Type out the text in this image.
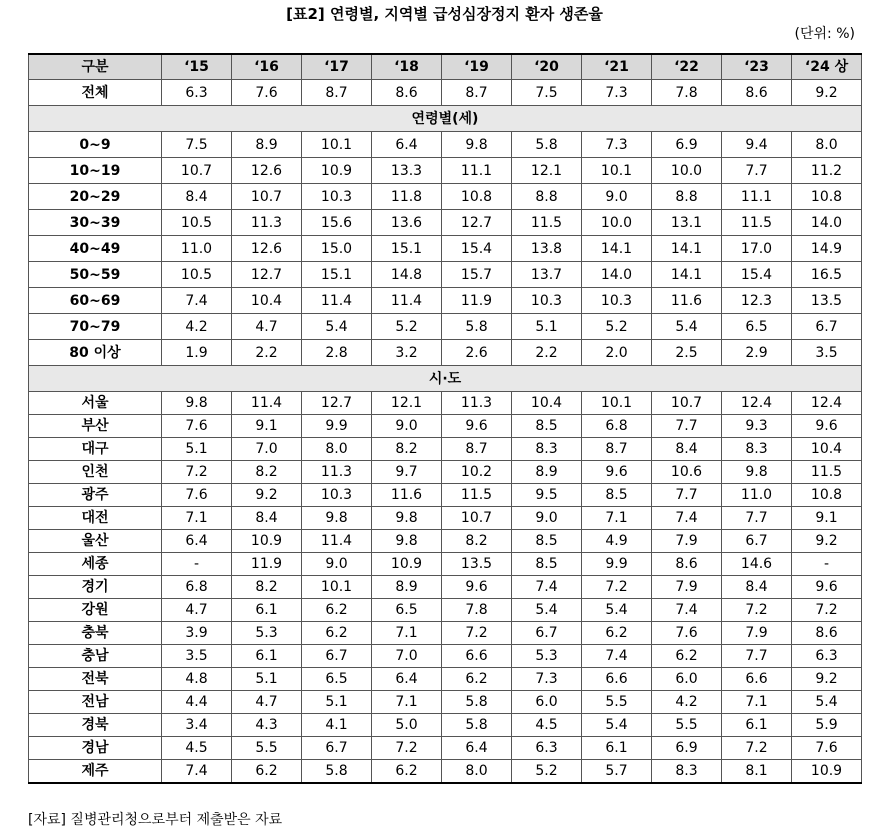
[표2] 연령별, 지역별 급성심장정지 환자 생존율
(단위: %)
구분	‘15	‘16	‘17	‘18	‘19	‘20	‘21	‘22	‘23	‘24 상
전체	6.3	7.6	8.7	8.6	8.7	7.5	7.3	7.8	8.6	9.2
연령별(세)										
0~9	7.5	8.9	10.1	6.4	9.8	5.8	7.3	6.9	9.4	8.0
10~19	10.7	12.6	10.9	13.3	11.1	12.1	10.1	10.0	7.7	11.2
20~29	8.4	10.7	10.3	11.8	10.8	8.8	9.0	8.8	11.1	10.8
30~39	10.5	11.3	15.6	13.6	12.7	11.5	10.0	13.1	11.5	14.0
40~49	11.0	12.6	15.0	15.1	15.4	13.8	14.1	14.1	17.0	14.9
50~59	10.5	12.7	15.1	14.8	15.7	13.7	14.0	14.1	15.4	16.5
60~69	7.4	10.4	11.4	11.4	11.9	10.3	10.3	11.6	12.3	13.5
70~79	4.2	4.7	5.4	5.2	5.8	5.1	5.2	5.4	6.5	6.7
80 이상	1.9	2.2	2.8	3.2	2.6	2.2	2.0	2.5	2.9	3.5
시·도										
서울	9.8	11.4	12.7	12.1	11.3	10.4	10.1	10.7	12.4	12.4
부산	7.6	9.1	9.9	9.0	9.6	8.5	6.8	7.7	9.3	9.6
대구	5.1	7.0	8.0	8.2	8.7	8.3	8.7	8.4	8.3	10.4
인천	7.2	8.2	11.3	9.7	10.2	8.9	9.6	10.6	9.8	11.5
광주	7.6	9.2	10.3	11.6	11.5	9.5	8.5	7.7	11.0	10.8
대전	7.1	8.4	9.8	9.8	10.7	9.0	7.1	7.4	7.7	9.1
울산	6.4	10.9	11.4	9.8	8.2	8.5	4.9	7.9	6.7	9.2
세종	-	11.9	9.0	10.9	13.5	8.5	9.9	8.6	14.6	-
경기	6.8	8.2	10.1	8.9	9.6	7.4	7.2	7.9	8.4	9.6
강원	4.7	6.1	6.2	6.5	7.8	5.4	5.4	7.4	7.2	7.2
충북	3.9	5.3	6.2	7.1	7.2	6.7	6.2	7.6	7.9	8.6
충남	3.5	6.1	6.7	7.0	6.6	5.3	7.4	6.2	7.7	6.3
전북	4.8	5.1	6.5	6.4	6.2	7.3	6.6	6.0	6.6	9.2
전남	4.4	4.7	5.1	7.1	5.8	6.0	5.5	4.2	7.1	5.4
경북	3.4	4.3	4.1	5.0	5.8	4.5	5.4	5.5	6.1	5.9
경남	4.5	5.5	6.7	7.2	6.4	6.3	6.1	6.9	7.2	7.6
제주	7.4	6.2	5.8	6.2	8.0	5.2	5.7	8.3	8.1	10.9
[자료] 질병관리청으로부터 제출받은 자료
